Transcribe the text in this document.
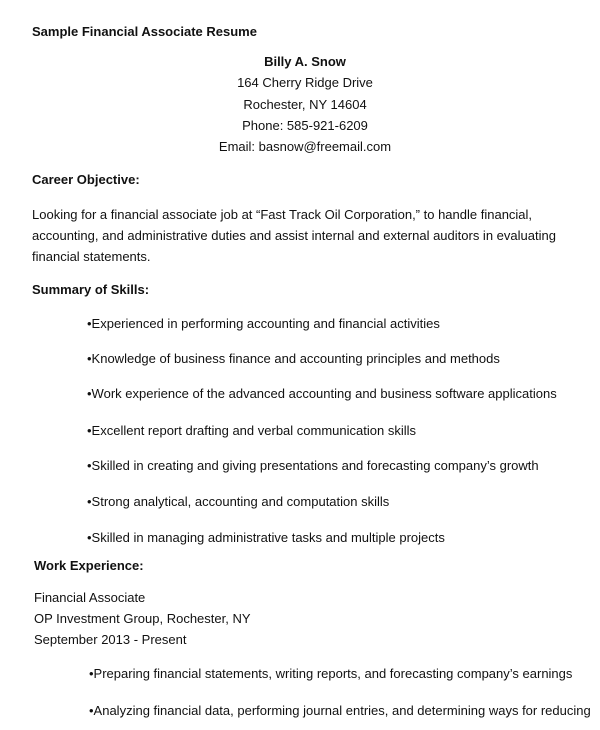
Sample Financial Associate Resume
Billy A. Snow
164 Cherry Ridge Drive
Rochester, NY 14604
Phone: 585-921-6209
Email: basnow@freemail.com
Career Objective:
Looking for a financial associate job at “Fast Track Oil Corporation,” to handle financial, accounting, and administrative duties and assist internal and external auditors in evaluating financial statements.
Summary of Skills:
•Experienced in performing accounting and financial activities
•Knowledge of business finance and accounting principles and methods
•Work experience of the advanced accounting and business software applications
•Excellent report drafting and verbal communication skills
•Skilled in creating and giving presentations and forecasting company’s growth
•Strong analytical, accounting and computation skills
•Skilled in managing administrative tasks and multiple projects
Work Experience:
Financial Associate
OP Investment Group, Rochester, NY
September 2013 - Present
•Preparing financial statements, writing reports, and forecasting company’s earnings
•Analyzing financial data, performing journal entries, and determining ways for reducing
